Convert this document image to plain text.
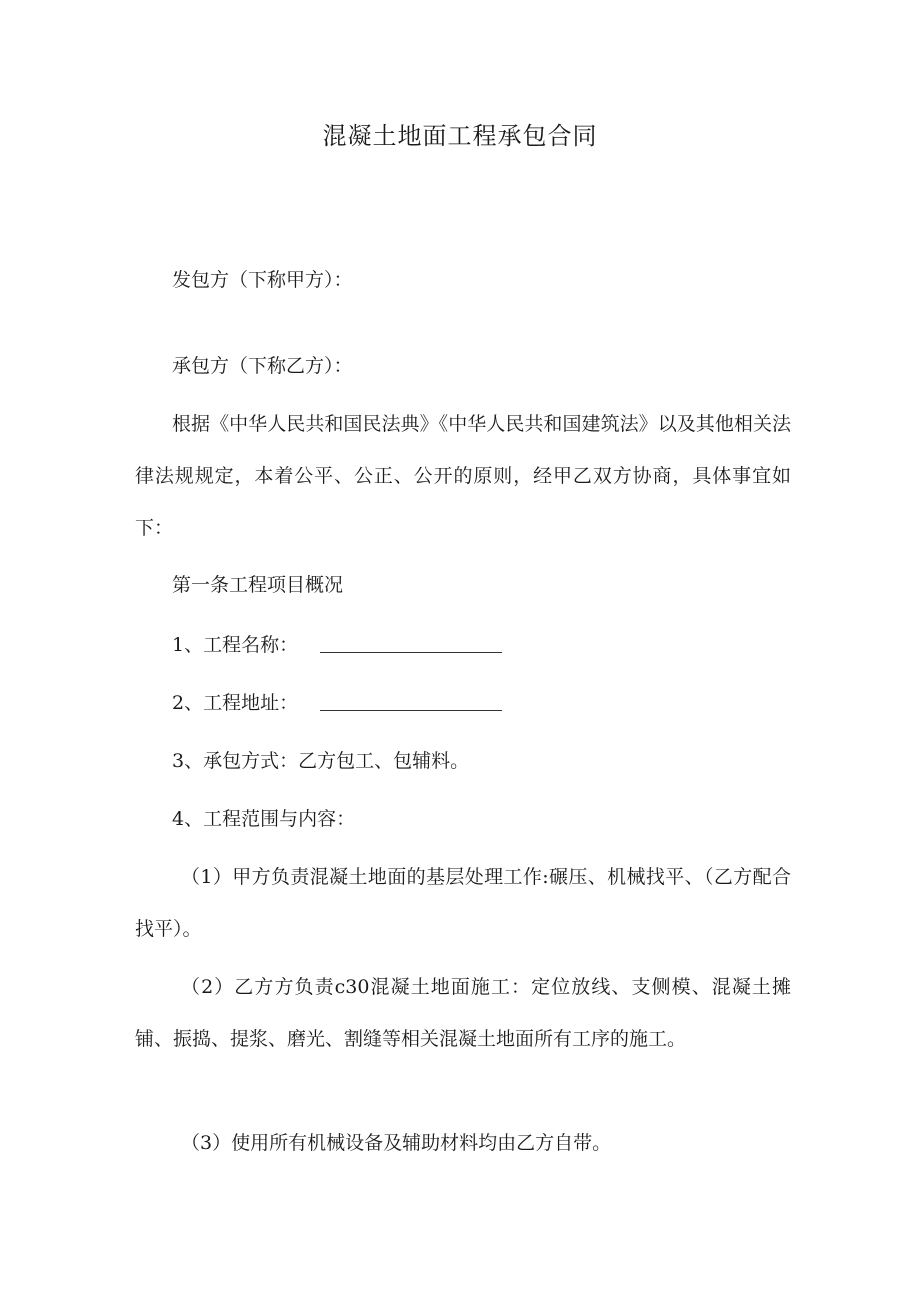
混凝土地面工程承包合同
发包方（下称甲方）：
承包方（下称乙方）：
根据《中华人民共和国民法典》《中华人民共和国建筑法》以及其他相关法律法规规定，本着公平、公正、公开的原则，经甲乙双方协商，具体事宜如下：
第一条工程项目概况
1、工程名称：
2、工程地址：
3、承包方式：乙方包工、包辅料。
4、工程范围与内容：
（1）甲方负责混凝土地面的基层处理工作:碾压、机械找平、（乙方配合找平）。
（2）乙方方负责c30混凝土地面施工：定位放线、支侧模、混凝土摊铺、振捣、提浆、磨光、割缝等相关混凝土地面所有工序的施工。
（3）使用所有机械设备及辅助材料均由乙方自带。
